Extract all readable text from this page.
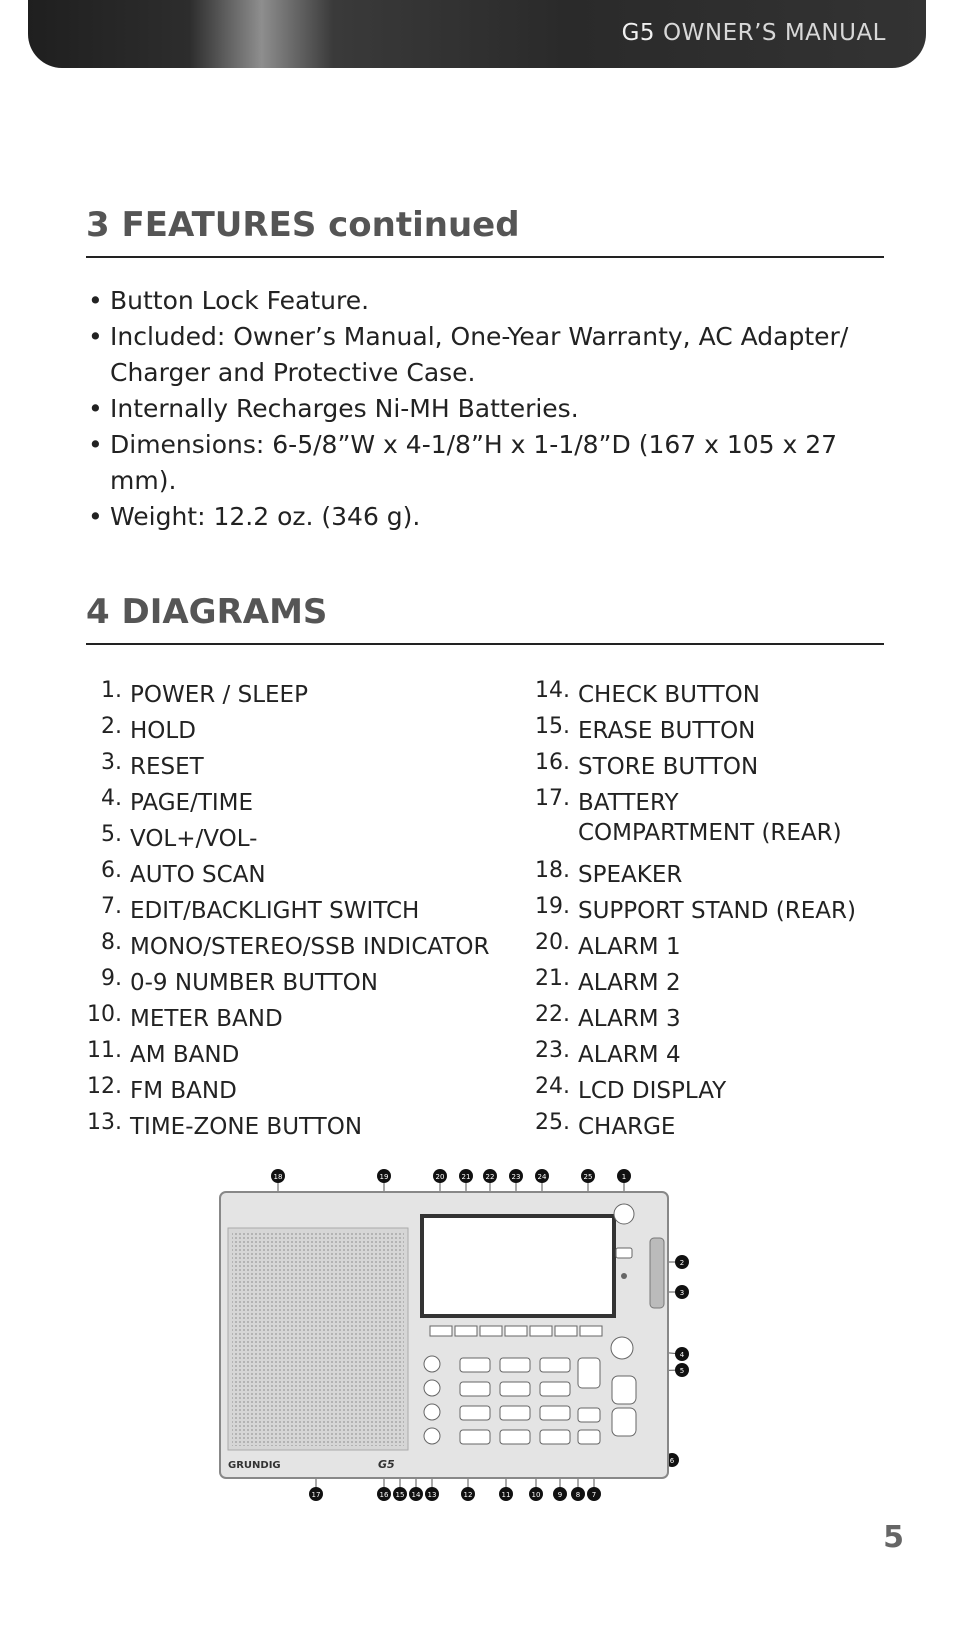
G5 OWNER’S MANUAL
3 FEATURES continued
• Button Lock Feature.
• Included: Owner’s Manual, One-Year Warranty, AC Adapter/ Charger and Protective Case.
• Internally Recharges Ni-MH Batteries.
• Dimensions: 6-5/8”W x 4-1/8”H x 1-1/8”D (167 x 105 x 27 mm).
• Weight: 12.2 oz. (346 g).
4 DIAGRAMS
1. POWER / SLEEP
2. HOLD
3. RESET
4. PAGE/TIME
5. VOL+/VOL-
6. AUTO SCAN
7. EDIT/BACKLIGHT SWITCH
8. MONO/STEREO/SSB INDICATOR
9. 0-9 NUMBER BUTTON
10. METER BAND
11. AM BAND
12. FM BAND
13. TIME-ZONE BUTTON
14. CHECK BUTTON
15. ERASE BUTTON
16. STORE BUTTON
17. BATTERY COMPARTMENT (REAR)
18. SPEAKER
19. SUPPORT STAND (REAR)
20. ALARM 1
21. ALARM 2
22. ALARM 3
23. ALARM 4
24. LCD DISPLAY
25. CHARGE
18	19	20 21 22 23 24	25	1
2
3
4
5
6
17	16 15 14 13	12	11	10 9 8 7
GRUNDIG	G5
5
